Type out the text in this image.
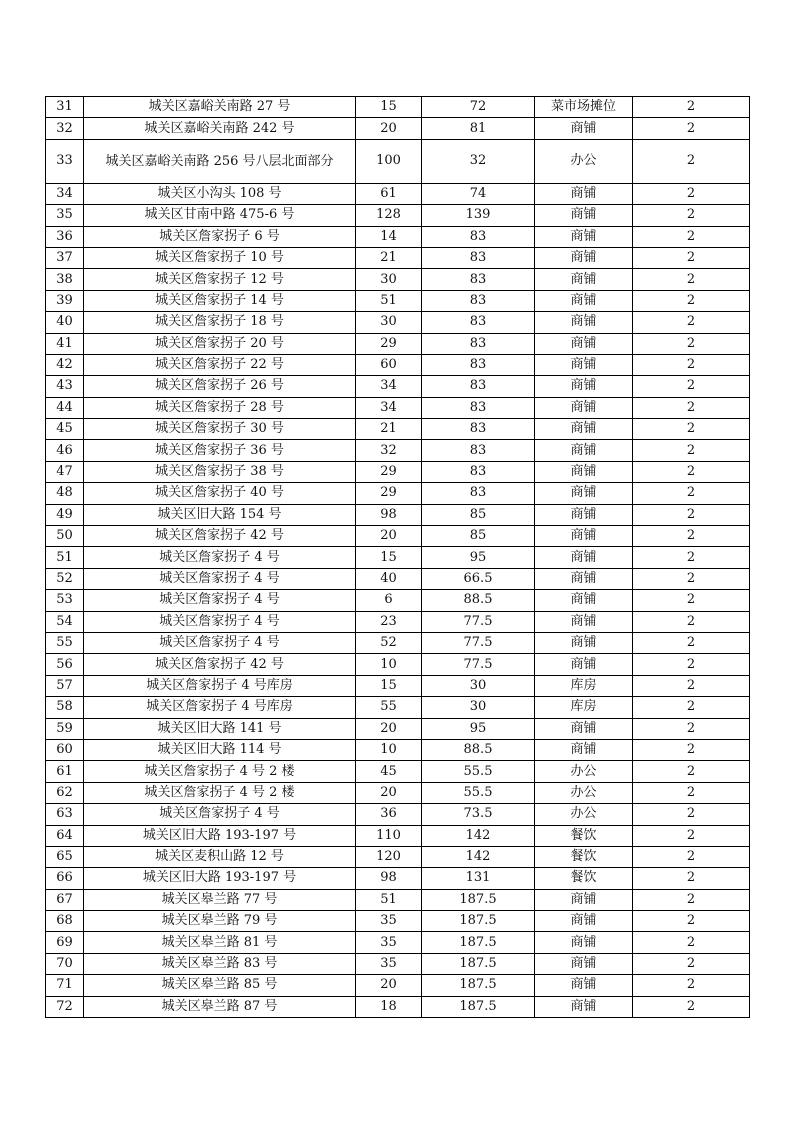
31	城关区嘉峪关南路 27 号	15	72	菜市场摊位	2
32	城关区嘉峪关南路 242 号	20	81	商铺	2
33	城关区嘉峪关南路 256 号八层北面部分	100	32	办公	2
34	城关区小沟头 108 号	61	74	商铺	2
35	城关区甘南中路 475-6 号	128	139	商铺	2
36	城关区詹家拐子 6 号	14	83	商铺	2
37	城关区詹家拐子 10 号	21	83	商铺	2
38	城关区詹家拐子 12 号	30	83	商铺	2
39	城关区詹家拐子 14 号	51	83	商铺	2
40	城关区詹家拐子 18 号	30	83	商铺	2
41	城关区詹家拐子 20 号	29	83	商铺	2
42	城关区詹家拐子 22 号	60	83	商铺	2
43	城关区詹家拐子 26 号	34	83	商铺	2
44	城关区詹家拐子 28 号	34	83	商铺	2
45	城关区詹家拐子 30 号	21	83	商铺	2
46	城关区詹家拐子 36 号	32	83	商铺	2
47	城关区詹家拐子 38 号	29	83	商铺	2
48	城关区詹家拐子 40 号	29	83	商铺	2
49	城关区旧大路 154 号	98	85	商铺	2
50	城关区詹家拐子 42 号	20	85	商铺	2
51	城关区詹家拐子 4 号	15	95	商铺	2
52	城关区詹家拐子 4 号	40	66.5	商铺	2
53	城关区詹家拐子 4 号	6	88.5	商铺	2
54	城关区詹家拐子 4 号	23	77.5	商铺	2
55	城关区詹家拐子 4 号	52	77.5	商铺	2
56	城关区詹家拐子 42 号	10	77.5	商铺	2
57	城关区詹家拐子 4 号库房	15	30	库房	2
58	城关区詹家拐子 4 号库房	55	30	库房	2
59	城关区旧大路 141 号	20	95	商铺	2
60	城关区旧大路 114 号	10	88.5	商铺	2
61	城关区詹家拐子 4 号 2 楼	45	55.5	办公	2
62	城关区詹家拐子 4 号 2 楼	20	55.5	办公	2
63	城关区詹家拐子 4 号	36	73.5	办公	2
64	城关区旧大路 193-197 号	110	142	餐饮	2
65	城关区麦积山路 12 号	120	142	餐饮	2
66	城关区旧大路 193-197 号	98	131	餐饮	2
67	城关区皋兰路 77 号	51	187.5	商铺	2
68	城关区皋兰路 79 号	35	187.5	商铺	2
69	城关区皋兰路 81 号	35	187.5	商铺	2
70	城关区皋兰路 83 号	35	187.5	商铺	2
71	城关区皋兰路 85 号	20	187.5	商铺	2
72	城关区皋兰路 87 号	18	187.5	商铺	2
